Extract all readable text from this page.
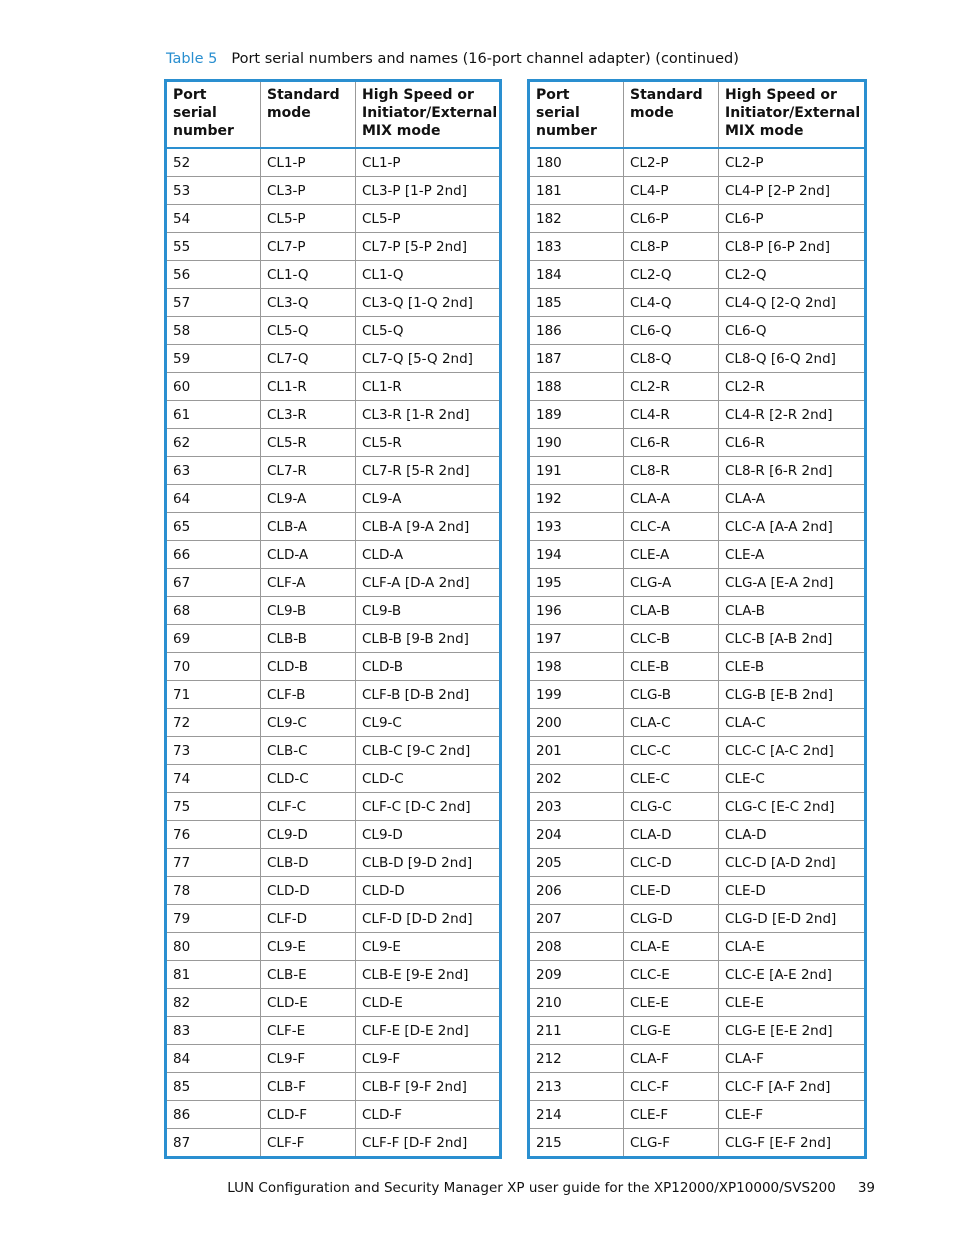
Table 5 Port serial numbers and names (16-port channel adapter) (continued)
Port serial number	Standard mode	High Speed or Initiator/External MIX mode
52	CL1-P	CL1-P
53	CL3-P	CL3-P [1-P 2nd]
54	CL5-P	CL5-P
55	CL7-P	CL7-P [5-P 2nd]
56	CL1-Q	CL1-Q
57	CL3-Q	CL3-Q [1-Q 2nd]
58	CL5-Q	CL5-Q
59	CL7-Q	CL7-Q [5-Q 2nd]
60	CL1-R	CL1-R
61	CL3-R	CL3-R [1-R 2nd]
62	CL5-R	CL5-R
63	CL7-R	CL7-R [5-R 2nd]
64	CL9-A	CL9-A
65	CLB-A	CLB-A [9-A 2nd]
66	CLD-A	CLD-A
67	CLF-A	CLF-A [D-A 2nd]
68	CL9-B	CL9-B
69	CLB-B	CLB-B [9-B 2nd]
70	CLD-B	CLD-B
71	CLF-B	CLF-B [D-B 2nd]
72	CL9-C	CL9-C
73	CLB-C	CLB-C [9-C 2nd]
74	CLD-C	CLD-C
75	CLF-C	CLF-C [D-C 2nd]
76	CL9-D	CL9-D
77	CLB-D	CLB-D [9-D 2nd]
78	CLD-D	CLD-D
79	CLF-D	CLF-D [D-D 2nd]
80	CL9-E	CL9-E
81	CLB-E	CLB-E [9-E 2nd]
82	CLD-E	CLD-E
83	CLF-E	CLF-E [D-E 2nd]
84	CL9-F	CL9-F
85	CLB-F	CLB-F [9-F 2nd]
86	CLD-F	CLD-F
87	CLF-F	CLF-F [D-F 2nd]
Port serial number	Standard mode	High Speed or Initiator/External MIX mode
180	CL2-P	CL2-P
181	CL4-P	CL4-P [2-P 2nd]
182	CL6-P	CL6-P
183	CL8-P	CL8-P [6-P 2nd]
184	CL2-Q	CL2-Q
185	CL4-Q	CL4-Q [2-Q 2nd]
186	CL6-Q	CL6-Q
187	CL8-Q	CL8-Q [6-Q 2nd]
188	CL2-R	CL2-R
189	CL4-R	CL4-R [2-R 2nd]
190	CL6-R	CL6-R
191	CL8-R	CL8-R [6-R 2nd]
192	CLA-A	CLA-A
193	CLC-A	CLC-A [A-A 2nd]
194	CLE-A	CLE-A
195	CLG-A	CLG-A [E-A 2nd]
196	CLA-B	CLA-B
197	CLC-B	CLC-B [A-B 2nd]
198	CLE-B	CLE-B
199	CLG-B	CLG-B [E-B 2nd]
200	CLA-C	CLA-C
201	CLC-C	CLC-C [A-C 2nd]
202	CLE-C	CLE-C
203	CLG-C	CLG-C [E-C 2nd]
204	CLA-D	CLA-D
205	CLC-D	CLC-D [A-D 2nd]
206	CLE-D	CLE-D
207	CLG-D	CLG-D [E-D 2nd]
208	CLA-E	CLA-E
209	CLC-E	CLC-E [A-E 2nd]
210	CLE-E	CLE-E
211	CLG-E	CLG-E [E-E 2nd]
212	CLA-F	CLA-F
213	CLC-F	CLC-F [A-F 2nd]
214	CLE-F	CLE-F
215	CLG-F	CLG-F [E-F 2nd]
LUN Configuration and Security Manager XP user guide for the XP12000/XP10000/SVS200 39
